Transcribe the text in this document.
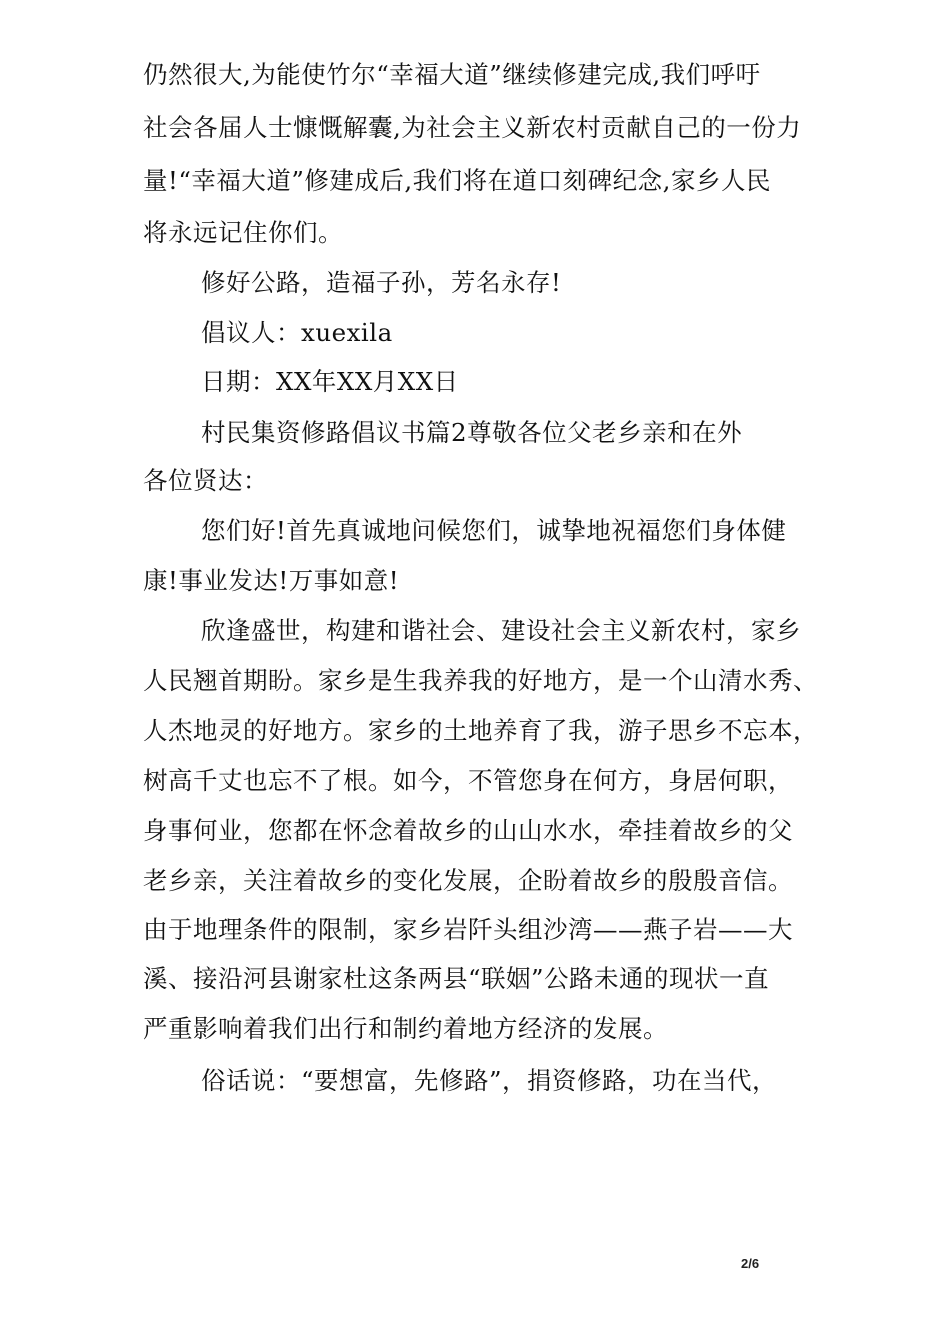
仍然很大,为能使竹尔“幸福大道”继续修建完成,我们呼吁
社会各届人士慷慨解囊,为社会主义新农村贡献自己的一份力
量!“幸福大道”修建成后,我们将在道口刻碑纪念,家乡人民
将永远记住你们。
修好公路，造福子孙，芳名永存!
倡议人：xuexila
日期：XX年XX月XX日
村民集资修路倡议书篇2尊敬各位父老乡亲和在外
各位贤达：
您们好!首先真诚地问候您们，诚挚地祝福您们身体健
康!事业发达!万事如意!
欣逢盛世，构建和谐社会、建设社会主义新农村，家乡
人民翘首期盼。家乡是生我养我的好地方，是一个山清水秀、
人杰地灵的好地方。家乡的土地养育了我，游子思乡不忘本，
树高千丈也忘不了根。如今，不管您身在何方，身居何职，
身事何业，您都在怀念着故乡的山山水水，牵挂着故乡的父
老乡亲，关注着故乡的变化发展，企盼着故乡的殷殷音信。
由于地理条件的限制，家乡岩阡头组沙湾——燕子岩——大
溪、接沿河县谢家杜这条两县“联姻”公路未通的现状一直
严重影响着我们出行和制约着地方经济的发展。
俗话说：“要想富，先修路”，捐资修路，功在当代，
2/6
